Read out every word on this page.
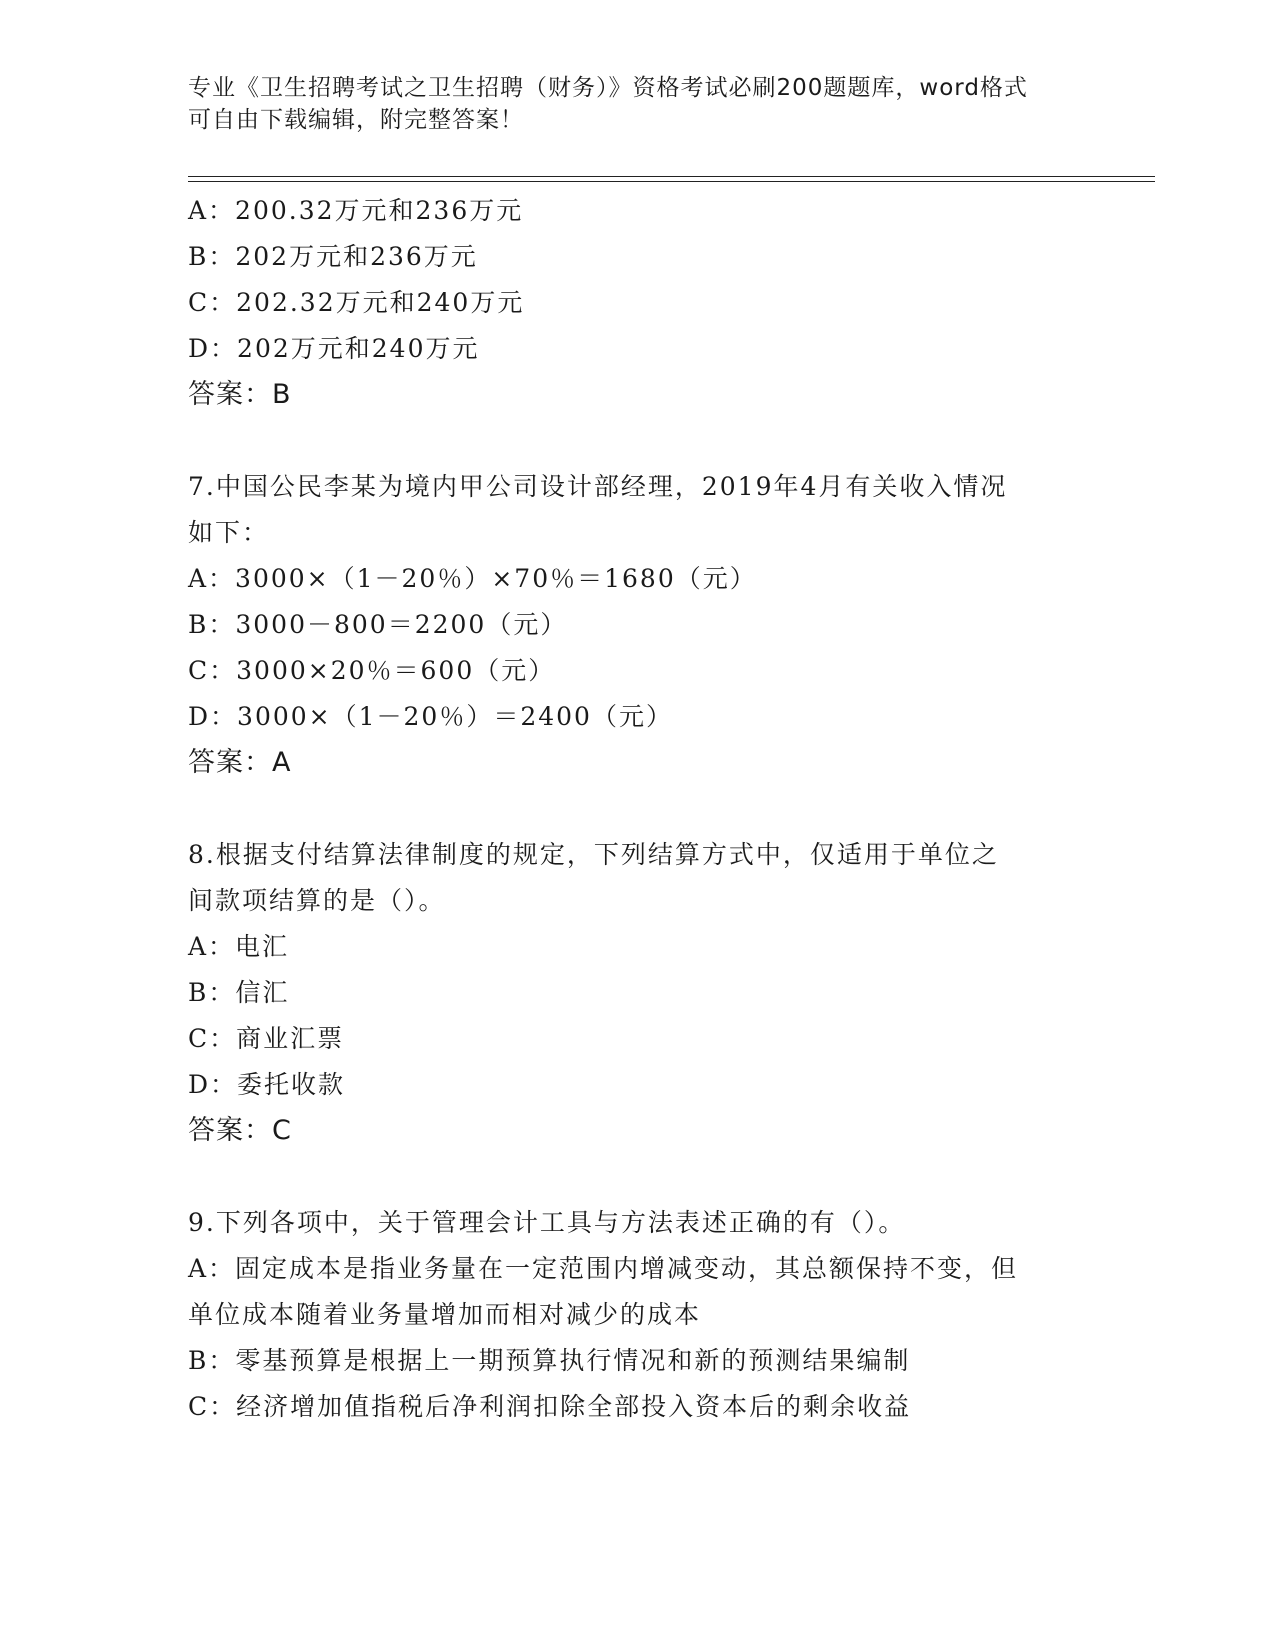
专业《卫生招聘考试之卫生招聘（财务）》资格考试必刷200题题库，word格式
可自由下载编辑，附完整答案！
A：200.32万元和236万元
B：202万元和236万元
C：202.32万元和240万元
D：202万元和240万元
答案：B
7.中国公民李某为境内甲公司设计部经理，2019年4月有关收入情况
如下：
A：3000×（1－20％）×70％＝1680（元）
B：3000－800＝2200（元）
C：3000×20％＝600（元）
D：3000×（1－20％）＝2400（元）
答案：A
8.根据支付结算法律制度的规定，下列结算方式中，仅适用于单位之
间款项结算的是（）。
A：电汇
B：信汇
C：商业汇票
D：委托收款
答案：C
9.下列各项中，关于管理会计工具与方法表述正确的有（）。
A：固定成本是指业务量在一定范围内增减变动，其总额保持不变，但
单位成本随着业务量增加而相对减少的成本
B：零基预算是根据上一期预算执行情况和新的预测结果编制
C：经济增加值指税后净利润扣除全部投入资本后的剩余收益
